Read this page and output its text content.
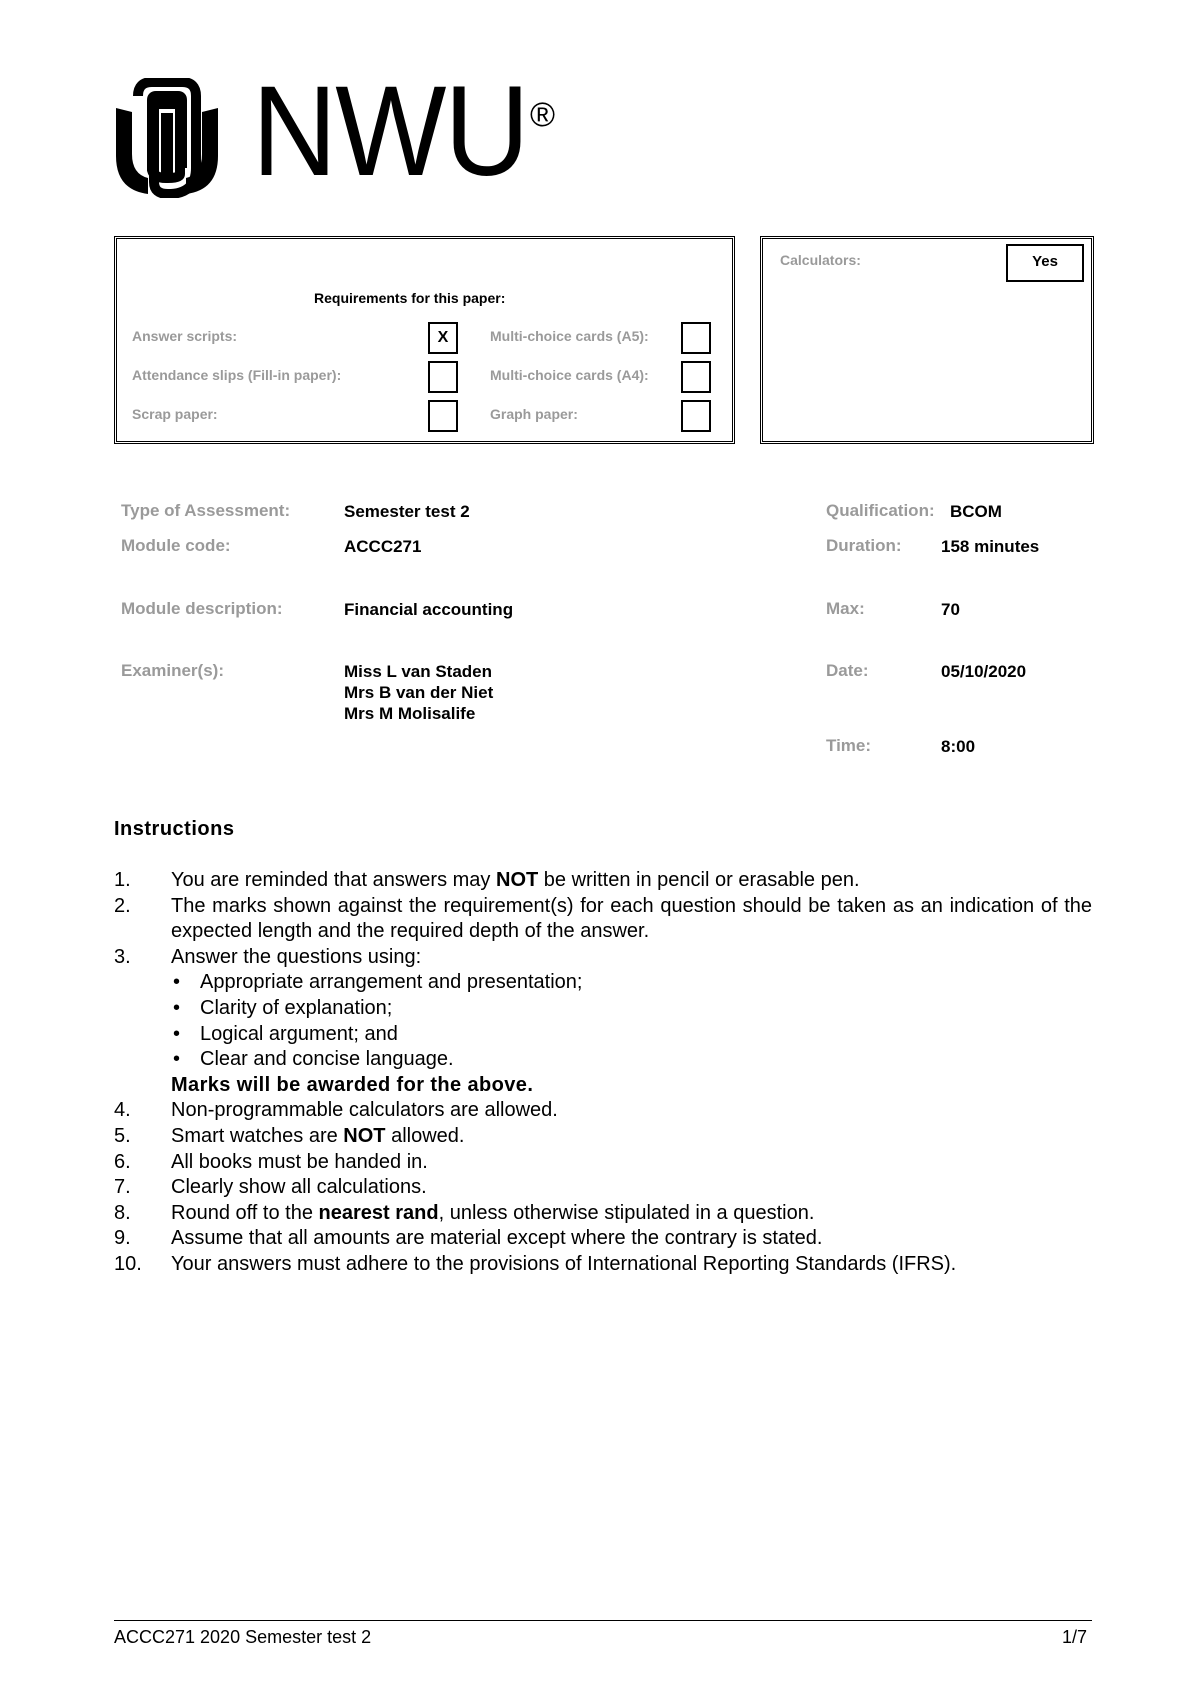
NWU ®
Requirements for this paper:
Answer scripts:	X
Attendance slips (Fill-in paper):
Scrap paper:
Multi-choice cards (A5):
Multi-choice cards (A4):
Graph paper:
Calculators:	Yes
Type of Assessment:	Semester test 2
Module code:	ACCC271
Module description:	Financial accounting
Examiner(s):	Miss L van Staden
Mrs B van der Niet
Mrs M Molisalife
Qualification: BCOM
Duration: 158 minutes
Max:	70
Date:	05/10/2020
Time:	8:00
Instructions
1.	You are reminded that answers may NOT be written in pencil or erasable pen.
2.	The marks shown against the requirement(s) for each question should be taken as an indication of the expected length and the required depth of the answer.
3.	Answer the questions using:
• Appropriate arrangement and presentation;
• Clarity of explanation;
• Logical argument; and
• Clear and concise language.
Marks will be awarded for the above.
4.	Non-programmable calculators are allowed.
5.	Smart watches are NOT allowed.
6.	All books must be handed in.
7.	Clearly show all calculations.
8.	Round off to the nearest rand, unless otherwise stipulated in a question.
9.	Assume that all amounts are material except where the contrary is stated.
10.	Your answers must adhere to the provisions of International Reporting Standards (IFRS).
ACCC271 2020 Semester test 2	1/7
